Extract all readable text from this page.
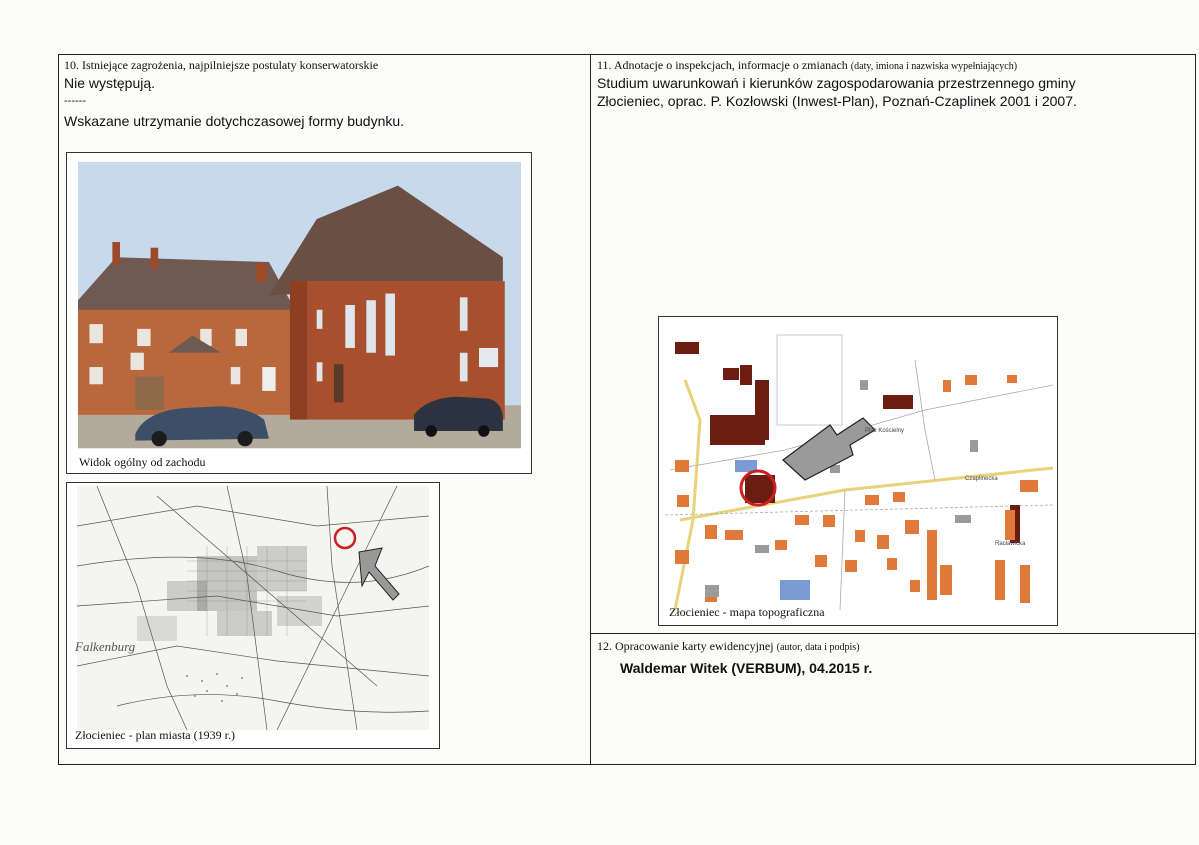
10. Istniejące zagrożenia, najpilniejsze postulaty konserwatorskie
Nie występują.
------
Wskazane utrzymanie dotychczasowej formy budynku.
11. Adnotacje o inspekcjach, informacje o zmianach (daty, imiona i nazwiska wypełniających)
Studium uwarunkowań i kierunków zagospodarowania przestrzennego gminy
Złocieniec, oprac. P. Kozłowski (Inwest-Plan), Poznań-Czaplinek 2001 i 2007.
Widok ogólny od zachodu
Falkenburg
Złocieniec - plan miasta (1939 r.)
Plac Kościelny
Czaplinecka
Racławicka
Złocieniec - mapa topograficzna
12. Opracowanie karty ewidencyjnej (autor, data i podpis)
Waldemar Witek (VERBUM), 04.2015 r.
